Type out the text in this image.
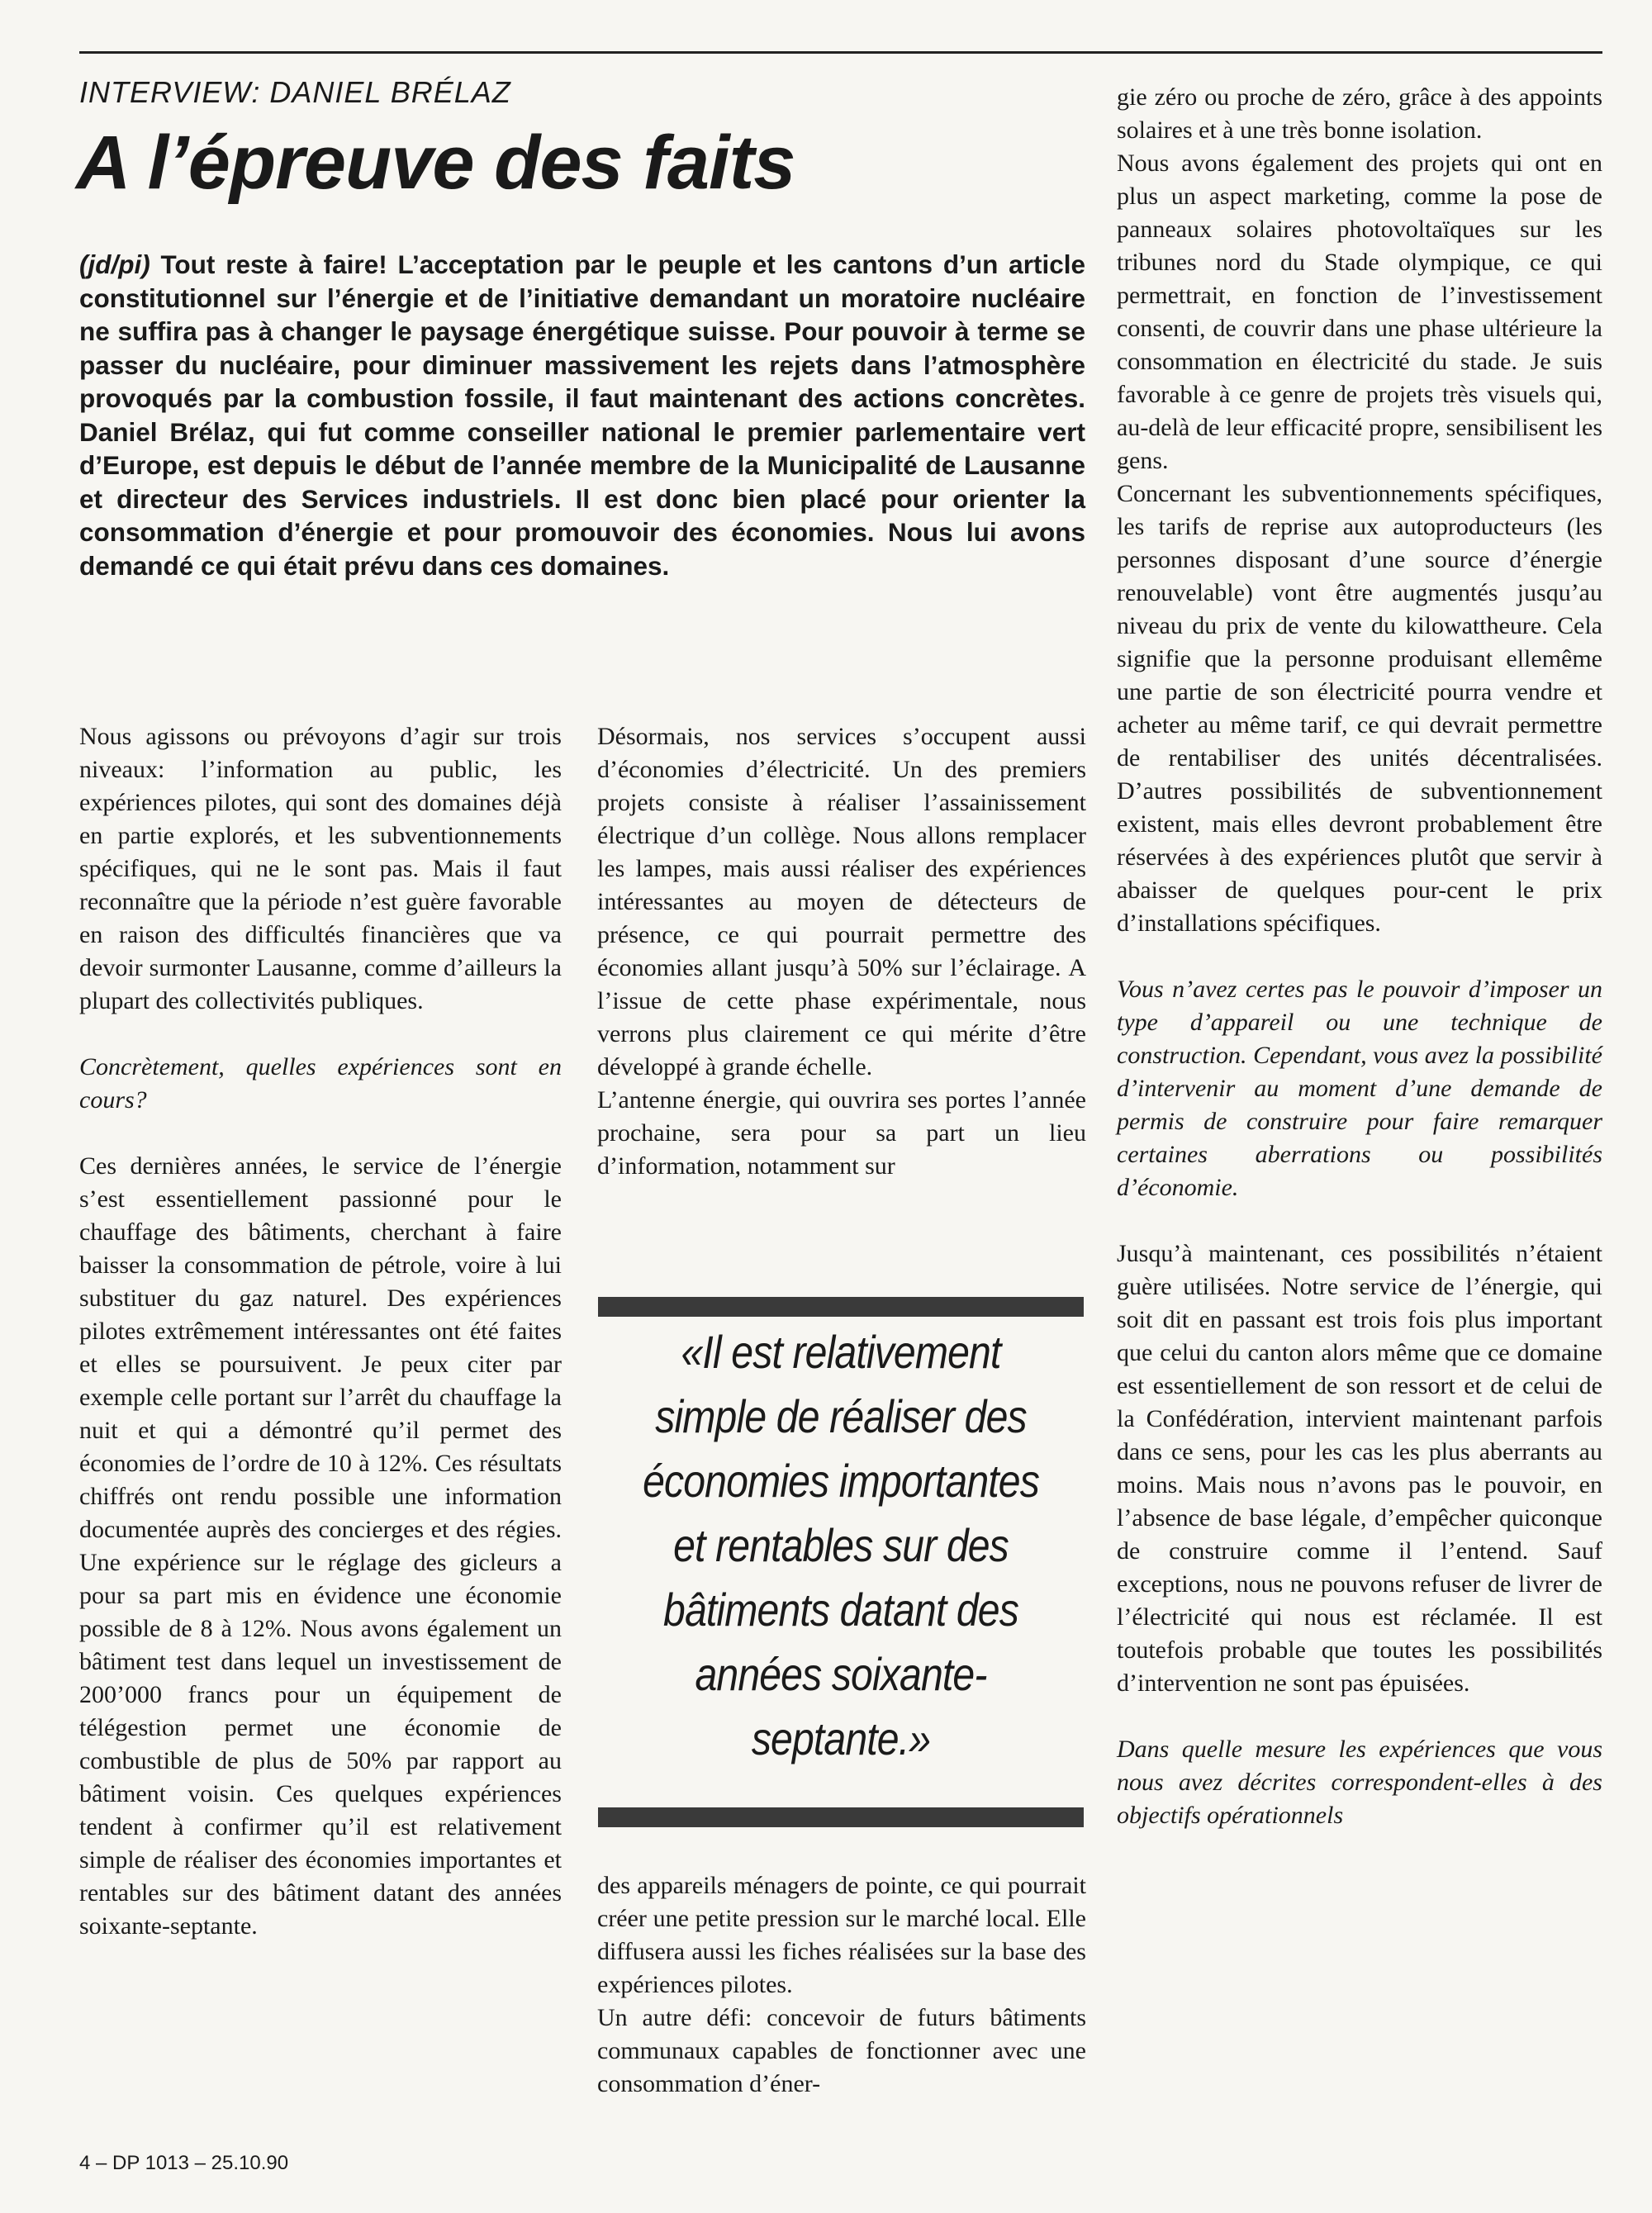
INTERVIEW: DANIEL BRÉLAZ
A l’épreuve des faits
(jd/pi) Tout reste à faire! L’acceptation par le peuple et les cantons d’un article constitutionnel sur l’énergie et de l’initiative demandant un moratoire nucléaire ne suffira pas à changer le paysage énergétique suisse. Pour pouvoir à terme se passer du nucléaire, pour diminuer massivement les rejets dans l’atmosphère provoqués par la combustion fossile, il faut maintenant des actions concrètes. Daniel Brélaz, qui fut comme conseiller national le premier parlementaire vert d’Europe, est depuis le début de l’année membre de la Municipalité de Lausanne et directeur des Services industriels. Il est donc bien placé pour orienter la consommation d’énergie et pour promouvoir des économies. Nous lui avons demandé ce qui était prévu dans ces domaines.

Nous agissons ou prévoyons d’agir sur trois niveaux: l’information au public, les expériences pilotes, qui sont des domaines déjà en partie explorés, et les subventionnements spécifiques, qui ne le sont pas. Mais il faut reconnaître que la période n’est guère favorable en raison des difficultés financières que va devoir surmonter Lausanne, comme d’ailleurs la plupart des collectivités publiques.

Concrètement, quelles expériences sont en cours?

Ces dernières années, le service de l’énergie s’est essentiellement passionné pour le chauffage des bâtiments, cherchant à faire baisser la consommation de pétrole, voire à lui substituer du gaz naturel. Des expériences pilotes extrêmement intéressantes ont été faites et elles se poursuivent. Je peux citer par exemple celle portant sur l’arrêt du chauffage la nuit et qui a démontré qu’il permet des économies de l’ordre de 10 à 12%. Ces résultats chiffrés ont rendu possible une information documentée auprès des concierges et des régies. Une expérience sur le réglage des gicleurs a pour sa part mis en évidence une économie possible de 8 à 12%. Nous avons également un bâtiment test dans lequel un investissement de 200’000 francs pour un équipement de télégestion permet une économie de combustible de plus de 50% par rapport au bâtiment voisin. Ces quelques expériences tendent à confirmer qu’il est relativement simple de réaliser des économies importantes et rentables sur des bâtiment datant des années soixante-septante.

Désormais, nos services s’occupent aussi d’économies d’électricité. Un des premiers projets consiste à réaliser l’assainissement électrique d’un collège. Nous allons remplacer les lampes, mais aussi réaliser des expériences intéressantes au moyen de détecteurs de présence, ce qui pourrait permettre des économies allant jusqu’à 50% sur l’éclairage. A l’issue de cette phase expérimentale, nous verrons plus clairement ce qui mérite d’être développé à grande échelle.

L’antenne énergie, qui ouvrira ses portes l’année prochaine, sera pour sa part un lieu d’information, notamment sur

«Il est relativement simple de réaliser des économies importantes et rentables sur des bâtiments datant des années soixante-septante.»

des appareils ménagers de pointe, ce qui pourrait créer une petite pression sur le marché local. Elle diffusera aussi les fiches réalisées sur la base des expériences pilotes.

Un autre défi: concevoir de futurs bâtiments communaux capables de fonctionner avec une consommation d’éner-

gie zéro ou proche de zéro, grâce à des appoints solaires et à une très bonne isolation.

Nous avons également des projets qui ont en plus un aspect marketing, comme la pose de panneaux solaires photovoltaïques sur les tribunes nord du Stade olympique, ce qui permettrait, en fonction de l’investissement consenti, de couvrir dans une phase ultérieure la consommation en électricité du stade. Je suis favorable à ce genre de projets très visuels qui, au-delà de leur efficacité propre, sensibilisent les gens.

Concernant les subventionnements spécifiques, les tarifs de reprise aux autoproducteurs (les personnes disposant d’une source d’énergie renouvelable) vont être augmentés jusqu’au niveau du prix de vente du kilowattheure. Cela signifie que la personne produisant ellemême une partie de son électricité pourra vendre et acheter au même tarif, ce qui devrait permettre de rentabiliser des unités décentralisées. D’autres possibilités de subventionnement existent, mais elles devront probablement être réservées à des expériences plutôt que servir à abaisser de quelques pour-cent le prix d’installations spécifiques.

Vous n’avez certes pas le pouvoir d’imposer un type d’appareil ou une technique de construction. Cependant, vous avez la possibilité d’intervenir au moment d’une demande de permis de construire pour faire remarquer certaines aberrations ou possibilités d’économie.

Jusqu’à maintenant, ces possibilités n’étaient guère utilisées. Notre service de l’énergie, qui soit dit en passant est trois fois plus important que celui du canton alors même que ce domaine est essentiellement de son ressort et de celui de la Confédération, intervient maintenant parfois dans ce sens, pour les cas les plus aberrants au moins. Mais nous n’avons pas le pouvoir, en l’absence de base légale, d’empêcher quiconque de construire comme il l’entend. Sauf exceptions, nous ne pouvons refuser de livrer de l’électricité qui nous est réclamée. Il est toutefois probable que toutes les possibilités d’intervention ne sont pas épuisées.

Dans quelle mesure les expériences que vous nous avez décrites correspondent-elles à des objectifs opérationnels

4 – DP 1013 – 25.10.90
